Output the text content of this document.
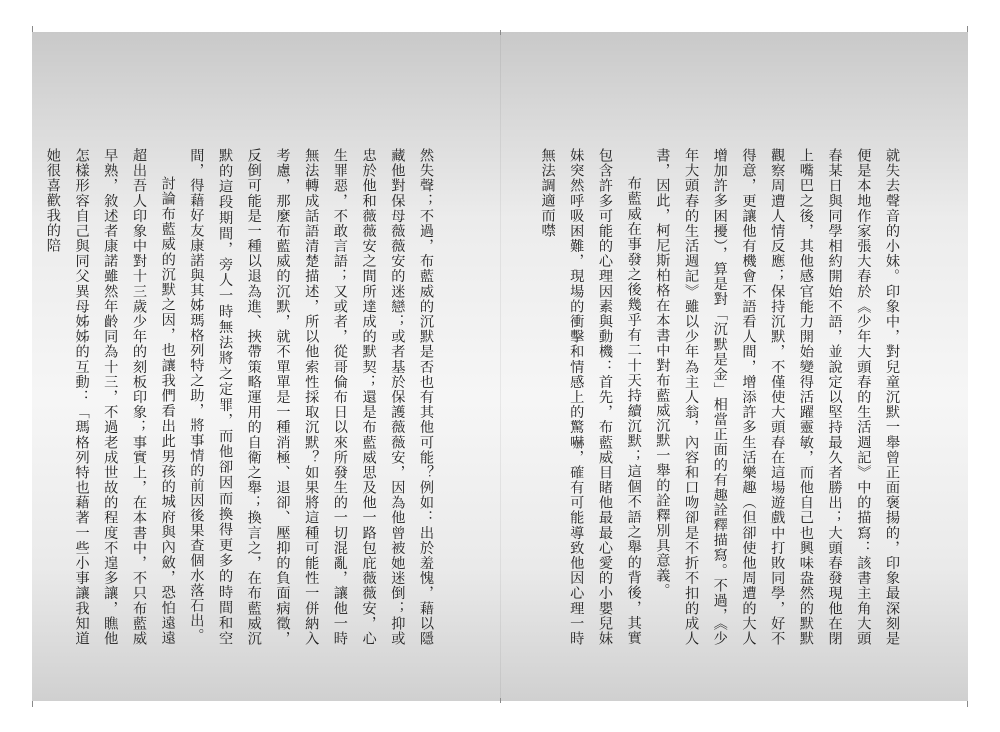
就失去聲音的小妹。印象中，對兒童沉默一舉曾正面褒揚的，印象最深刻是便是本地作家張大春於《少年大頭春的生活週記》中的描寫：該書主角大頭春某日與同學相約開始不語，並說定以堅持最久者勝出；大頭春發現他在閉上嘴巴之後，其他感官能力開始變得活躍靈敏，而他自己也興味盎然的默默觀察周遭人情反應；保持沉默，不僅使大頭春在這場遊戲中打敗同學，好不得意，更讓他有機會不語看人間，增添許多生活樂趣（但卻使他周遭的大人增加許多困擾），算是對「沉默是金」相當正面的有趣詮釋描寫。不過，《少年大頭春的生活週記》雖以少年為主人翁，內容和口吻卻是不折不扣的成人書，因此，柯尼斯柏格在本書中對布藍威沉默一舉的詮釋別具意義。

布藍威在事發之後幾乎有二十天持續沉默；這個不語之舉的背後，其實包含許多可能的心理因素與動機：首先，布藍威目睹他最最心愛的小嬰兒妹妹突然呼吸困難，現場的衝擊和情感上的驚嚇，確有可能導致他因心理一時無法調適而噤

然失聲；不過，布藍威的沉默是否也有其他可能？例如：出於羞愧，藉以隱藏他對保母薇薇安的迷戀；或者基於保護薇薇安，因為他曾被她迷倒；抑或忠於他和薇薇安之間所達成的默契；還是布藍威思及他一路包庇薇薇安，心生罪惡，不敢言語；又或者，從哥倫布日以來所發生的一切混亂，讓他一時無法轉成話語清楚描述，所以他索性採取沉默？如果將這種可能性一併納入考慮，那麼布藍威的沉默，就不單單是一種消極、退卻、壓抑的負面病徵，反倒可能是一種以退為進、挾帶策略運用的自衛之舉；換言之，在布藍威沉默的這段期間，旁人一時無法將之定罪，而他卻因而換得更多的時間和空間，得藉好友康諾與其姊瑪格列特之助，將事情的前因後果查個水落石出。

討論布藍威的沉默之因，也讓我們看出此男孩的城府與內斂，恐怕遠遠超出吾人印象中對十三歲少年的刻板印象；事實上，在本書中，不只布藍威早熟，敘述者康諾雖然年齡同為十三，不過老成世故的程度不遑多讓，瞧他怎樣形容自己與同父異母姊姊的互動：「瑪格列特也藉著一些小事讓我知道她很喜歡我的陪
